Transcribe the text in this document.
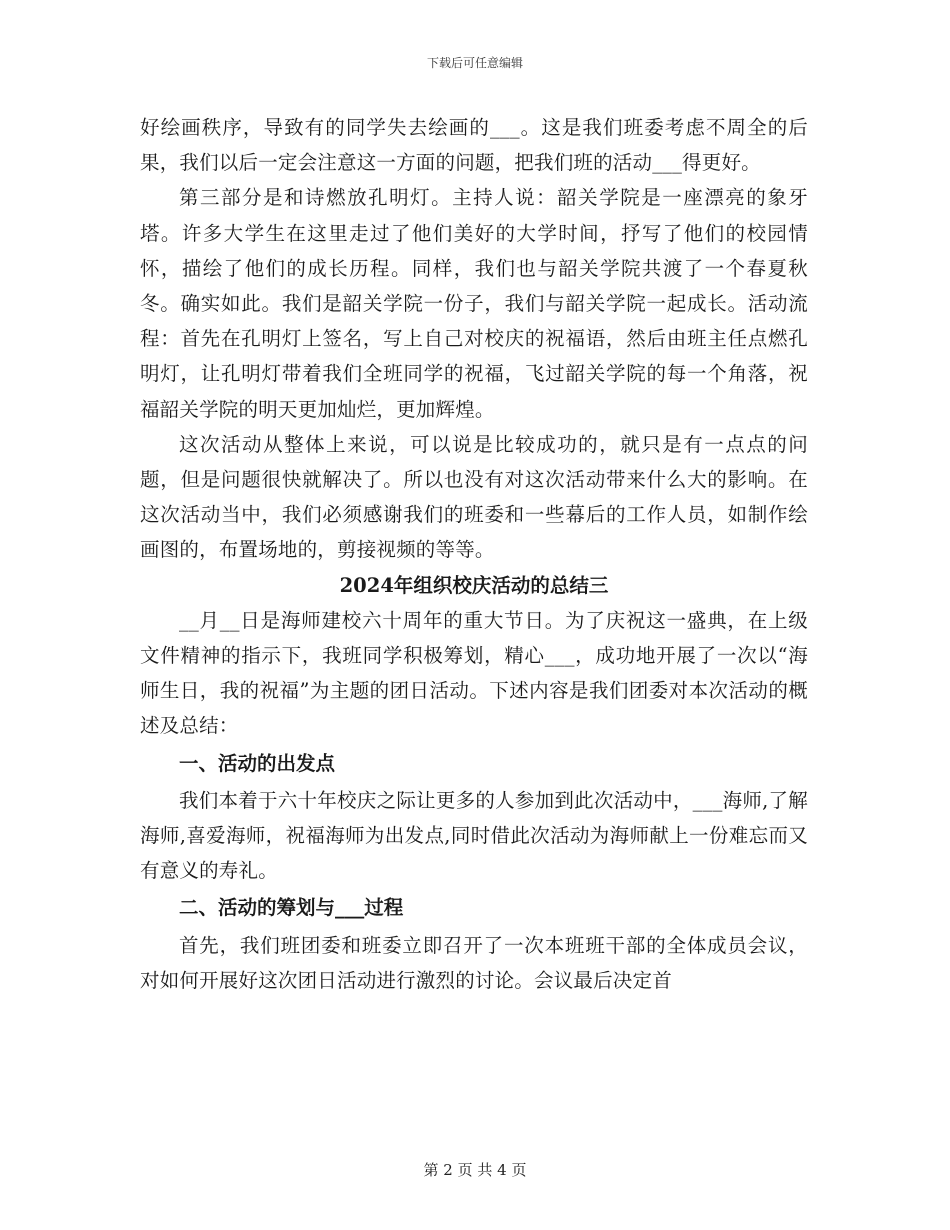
下载后可任意编辑

好绘画秩序，导致有的同学失去绘画的___。这是我们班委考虑不周全的后果，我们以后一定会注意这一方面的问题，把我们班的活动___得更好。

第三部分是和诗燃放孔明灯。主持人说：韶关学院是一座漂亮的象牙塔。许多大学生在这里走过了他们美好的大学时间，抒写了他们的校园情怀，描绘了他们的成长历程。同样，我们也与韶关学院共渡了一个春夏秋冬。确实如此。我们是韶关学院一份子，我们与韶关学院一起成长。活动流程：首先在孔明灯上签名，写上自己对校庆的祝福语，然后由班主任点燃孔明灯，让孔明灯带着我们全班同学的祝福，飞过韶关学院的每一个角落，祝福韶关学院的明天更加灿烂，更加辉煌。

这次活动从整体上来说，可以说是比较成功的，就只是有一点点的问题，但是问题很快就解决了。所以也没有对这次活动带来什么大的影响。在这次活动当中，我们必须感谢我们的班委和一些幕后的工作人员，如制作绘画图的，布置场地的，剪接视频的等等。

2024年组织校庆活动的总结三

__月__日是海师建校六十周年的重大节日。为了庆祝这一盛典，在上级文件精神的指示下，我班同学积极筹划，精心___，成功地开展了一次以“海师生日，我的祝福”为主题的团日活动。下述内容是我们团委对本次活动的概述及总结：

一、活动的出发点

我们本着于六十年校庆之际让更多的人参加到此次活动中，___海师,了解海师,喜爱海师，祝福海师为出发点,同时借此次活动为海师献上一份难忘而又有意义的寿礼。

二、活动的筹划与___过程

首先，我们班团委和班委立即召开了一次本班班干部的全体成员会议，对如何开展好这次团日活动进行激烈的讨论。会议最后决定首

第 2 页 共 4 页
